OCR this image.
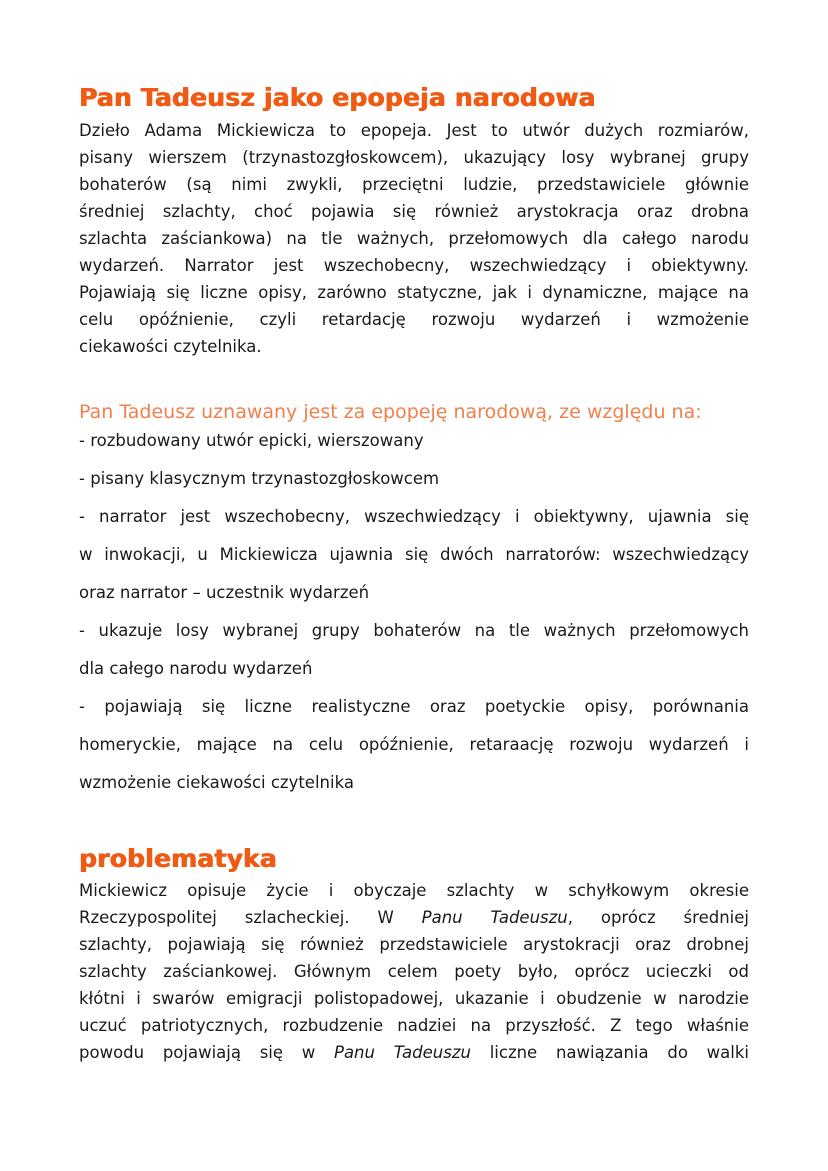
Pan Tadeusz jako epopeja narodowa
Dzieło Adama Mickiewicza to epopeja. Jest to utwór dużych rozmiarów,
pisany wierszem (trzynastozgłoskowcem), ukazujący losy wybranej grupy
bohaterów (są nimi zwykli, przeciętni ludzie, przedstawiciele głównie
średniej szlachty, choć pojawia się również arystokracja oraz drobna
szlachta zaściankowa) na tle ważnych, przełomowych dla całego narodu
wydarzeń. Narrator jest wszechobecny, wszechwiedzący i obiektywny.
Pojawiają się liczne opisy, zarówno statyczne, jak i dynamiczne, mające na
celu opóźnienie, czyli retardację rozwoju wydarzeń i wzmożenie
ciekawości czytelnika.
Pan Tadeusz uznawany jest za epopeję narodową, ze względu na:
- rozbudowany utwór epicki, wierszowany
- pisany klasycznym trzynastozgłoskowcem
- narrator jest wszechobecny, wszechwiedzący i obiektywny, ujawnia się
w inwokacji, u Mickiewicza ujawnia się dwóch narratorów: wszechwiedzący
oraz narrator – uczestnik wydarzeń
- ukazuje losy wybranej grupy bohaterów na tle ważnych przełomowych
dla całego narodu wydarzeń
- pojawiają się liczne realistyczne oraz poetyckie opisy, porównania
homeryckie, mające na celu opóźnienie, retaraację rozwoju wydarzeń i
wzmożenie ciekawości czytelnika
problematyka
Mickiewicz opisuje życie i obyczaje szlachty w schyłkowym okresie
Rzeczypospolitej szlacheckiej. W Panu Tadeuszu, oprócz średniej
szlachty, pojawiają się również przedstawiciele arystokracji oraz drobnej
szlachty zaściankowej. Głównym celem poety było, oprócz ucieczki od
kłótni i swarów emigracji polistopadowej, ukazanie i obudzenie w narodzie
uczuć patriotycznych, rozbudzenie nadziei na przyszłość. Z tego właśnie
powodu pojawiają się w Panu Tadeuszu liczne nawiązania do walki
